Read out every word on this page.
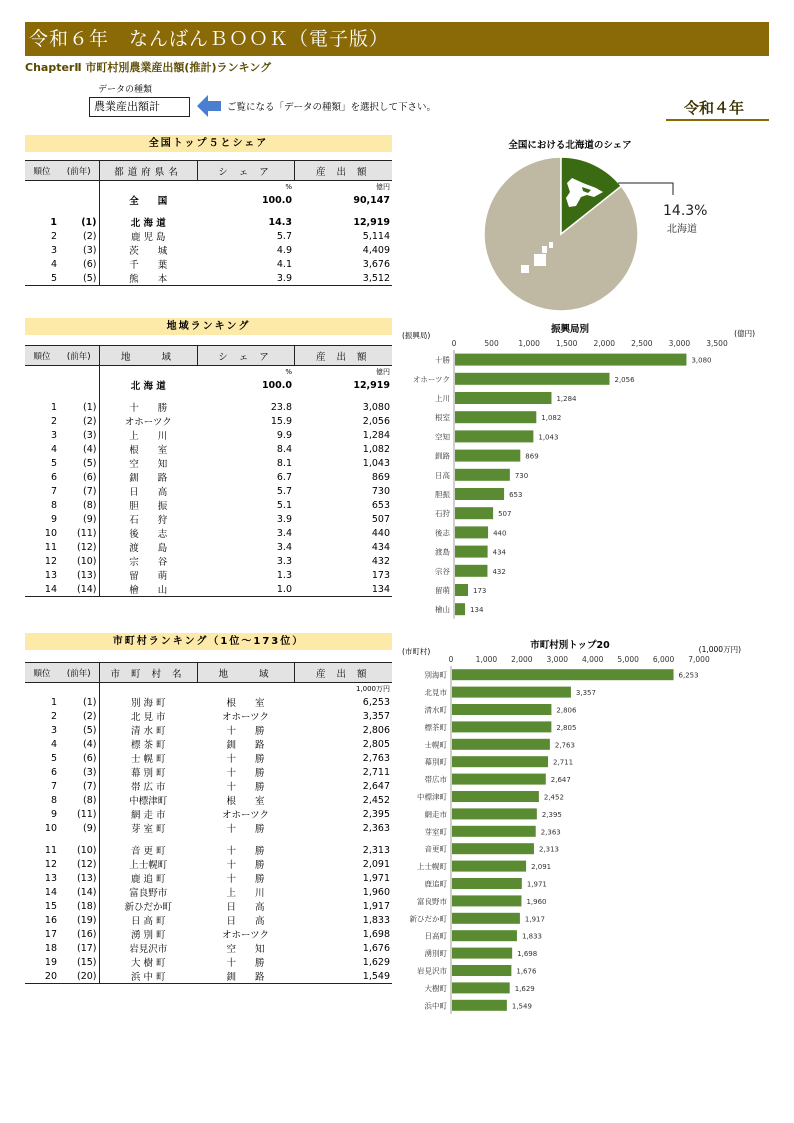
令和６年　なんばんＢＯＯＫ（電子版）
ChapterⅡ 市町村別農業産出額(推計)ランキング
データの種類
農業産出額計	ご覧になる「データの種類」を選択して下さい。	令和４年
全国トップ５とシェア
順位	(前年)	都道府県名	シ ェ ア	産 出 額
			%	億円
		全　　国	100.0	90,147

1	(1)	北 海 道	14.3	12,919
2	(2)	鹿 児 島	5.7	5,114
3	(3)	茨　　城	4.9	4,409
4	(6)	千　　葉	4.1	3,676
5	(5)	熊　　本	3.9	3,512
全国における北海道のシェア
14.3%
北海道
地域ランキング
順位	(前年)	地　　域	シ ェ ア	産 出 額
			%	億円
		北 海 道	100.0	12,919

1	(1)	十　　勝	23.8	3,080
2	(2)	オホーツク	15.9	2,056
3	(3)	上　　川	9.9	1,284
4	(4)	根　　室	8.4	1,082
5	(5)	空　　知	8.1	1,043
6	(6)	釧　　路	6.7	869
7	(7)	日　　高	5.7	730
8	(8)	胆　　振	5.1	653
9	(9)	石　　狩	3.9	507
10	(11)	後　　志	3.4	440
11	(12)	渡　　島	3.4	434
12	(10)	宗　　谷	3.3	432
13	(13)	留　　萌	1.3	173
14	(14)	檜　　山	1.0	134
振興局別
(振興局)	(億円)
0	500	1,000 1,500 2,000 2,500 3,000 3,500
十勝	3,080
オホーツク	2,056
上川	1,284
根室	1,082
空知	1,043
釧路	869
日高	730
胆振	653
石狩	507
後志	440
渡島	434
宗谷	432
留萌	173
檜山	134
市町村ランキング（1位～173位）
順位	(前年)	市 町 村 名	地　　域	産 出 額
				1,000万円
1	(1)	別 海 町	根　　室	6,253
2	(2)	北 見 市	オホーツク	3,357
3	(5)	清 水 町	十　　勝	2,806
4	(4)	標 茶 町	釧　　路	2,805
5	(6)	士 幌 町	十　　勝	2,763
6	(3)	幕 別 町	十　　勝	2,711
7	(7)	帯 広 市	十　　勝	2,647
8	(8)	中標津町	根　　室	2,452
9	(11)	網 走 市	オホーツク	2,395
10	(9)	芽 室 町	十　　勝	2,363

11	(10)	音 更 町	十　　勝	2,313
12	(12)	上士幌町	十　　勝	2,091
13	(13)	鹿 追 町	十　　勝	1,971
14	(14)	富良野市	上　　川	1,960
15	(18)	新ひだか町	日　　高	1,917
16	(19)	日 高 町	日　　高	1,833
17	(16)	湧 別 町	オホーツク	1,698
18	(17)	岩見沢市	空　　知	1,676
19	(15)	大 樹 町	十　　勝	1,629
20	(20)	浜 中 町	釧　　路	1,549
市町村別トップ20
(市町村)	(1,000万円)
0	1,000 2,000 3,000 4,000 5,000 6,000 7,000
別海町	6,253
北見市	3,357
清水町	2,806
標茶町	2,805
士幌町	2,763
幕別町	2,711
帯広市	2,647
中標津町	2,452
網走市	2,395
芽室町	2,363
音更町	2,313
上士幌町	2,091
鹿追町	1,971
富良野市	1,960
新ひだか町	1,917
日高町	1,833
湧別町	1,698
岩見沢市	1,676
大樹町	1,629
浜中町	1,549
